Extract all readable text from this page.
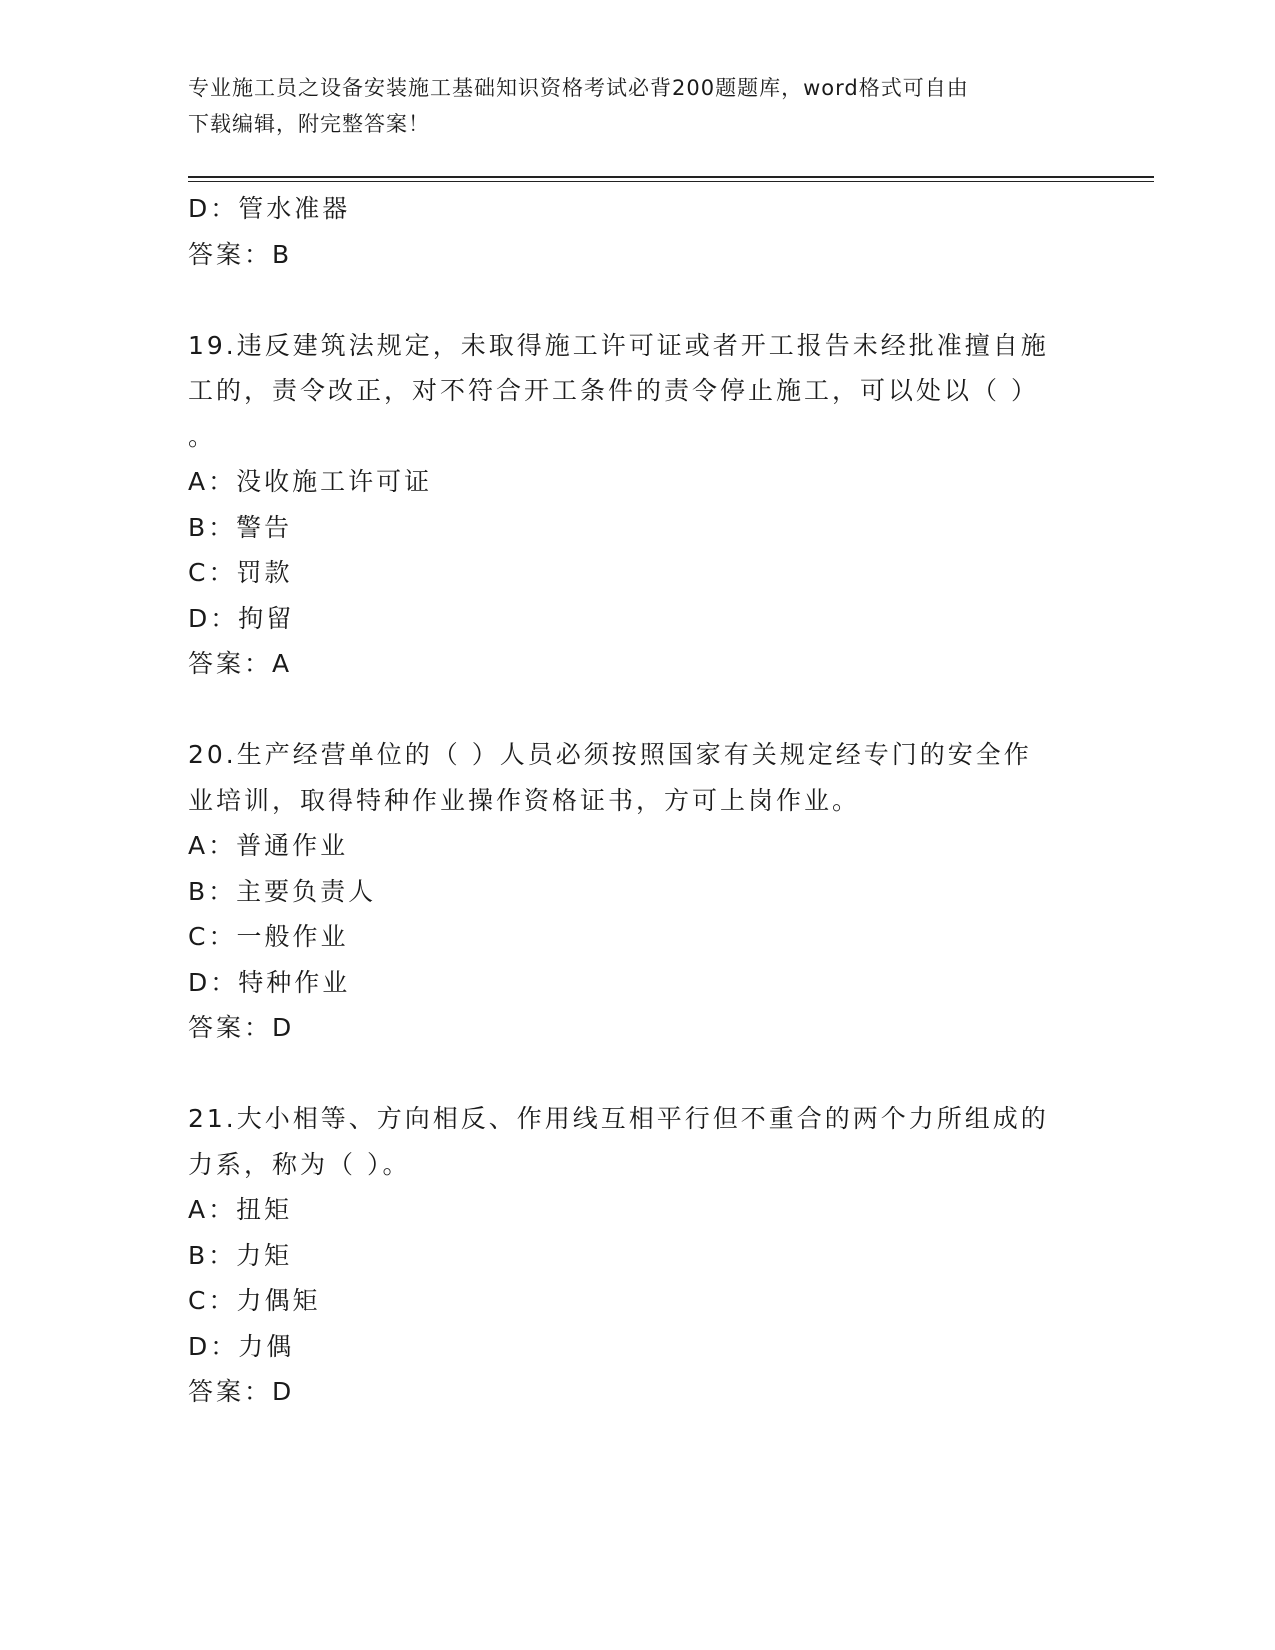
专业施工员之设备安装施工基础知识资格考试必背200题题库，word格式可自由
下载编辑，附完整答案！
D：管水准器
答案：B
19.违反建筑法规定，未取得施工许可证或者开工报告未经批准擅自施
工的，责令改正，对不符合开工条件的责令停止施工，可以处以（ ）
。
A：没收施工许可证
B：警告
C：罚款
D：拘留
答案：A
20.生产经营单位的（ ）人员必须按照国家有关规定经专门的安全作
业培训，取得特种作业操作资格证书，方可上岗作业。
A：普通作业
B：主要负责人
C：一般作业
D：特种作业
答案：D
21.大小相等、方向相反、作用线互相平行但不重合的两个力所组成的
力系，称为（ ）。
A：扭矩
B：力矩
C：力偶矩
D：力偶
答案：D
